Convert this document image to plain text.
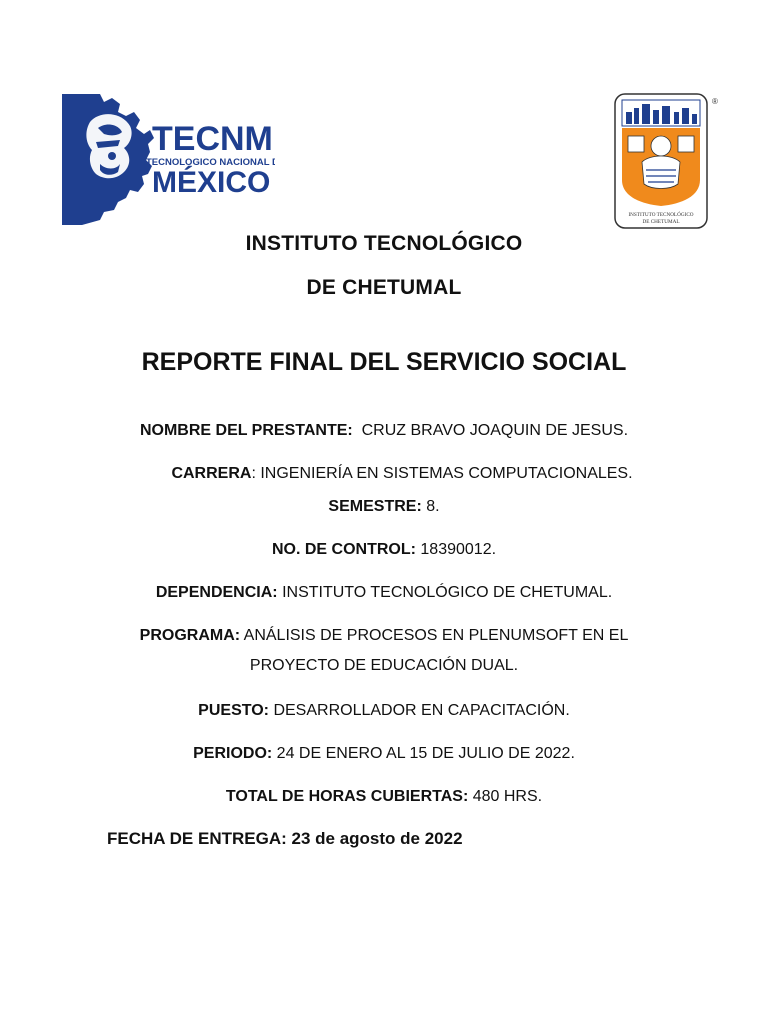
TECNM
TECNOLOGICO NACIONAL DE
MÉXICO
INSTITUTO TECNOLÓGICO
DE CHETUMAL
®
INSTITUTO TECNOLÓGICO
DE CHETUMAL
REPORTE FINAL DEL SERVICIO SOCIAL
NOMBRE DEL PRESTANTE: CRUZ BRAVO JOAQUIN DE JESUS.
CARRERA: INGENIERÍA EN SISTEMAS COMPUTACIONALES.
SEMESTRE: 8.
NO. DE CONTROL: 18390012.
DEPENDENCIA: INSTITUTO TECNOLÓGICO DE CHETUMAL.
PROGRAMA: ANÁLISIS DE PROCESOS EN PLENUMSOFT EN EL
PROYECTO DE EDUCACIÓN DUAL.
PUESTO: DESARROLLADOR EN CAPACITACIÓN.
PERIODO: 24 DE ENERO AL 15 DE JULIO DE 2022.
TOTAL DE HORAS CUBIERTAS: 480 HRS.
FECHA DE ENTREGA: 23 de agosto de 2022
